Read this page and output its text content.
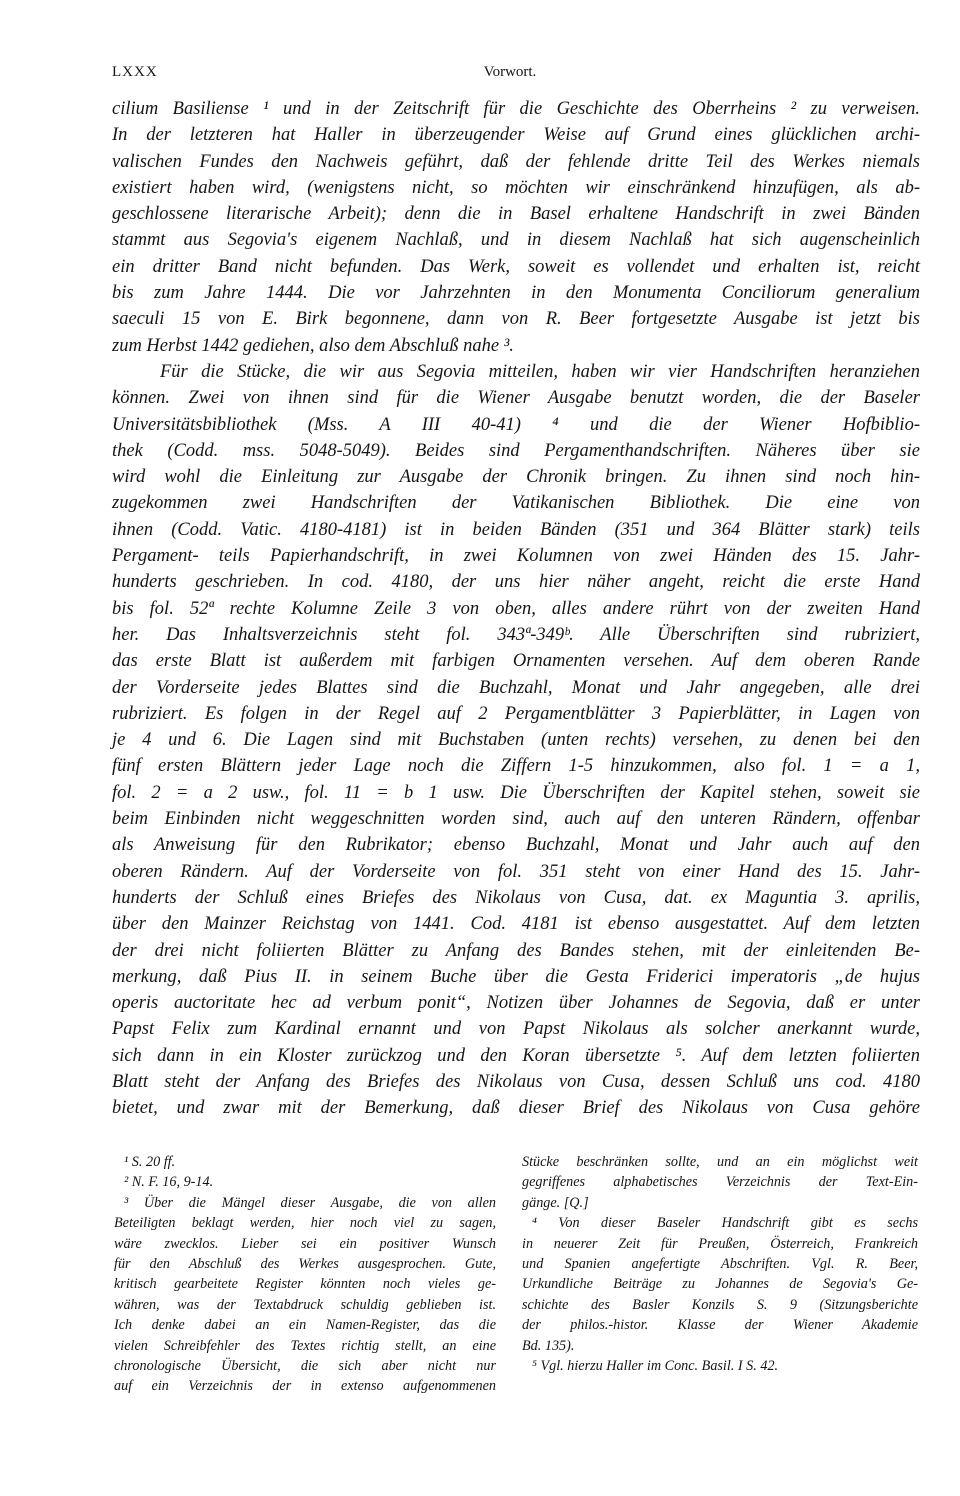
LXXX	Vorwort.
cilium Basiliense ¹ und in der Zeitschrift für die Geschichte des Oberrheins ² zu verweisen.
In der letzteren hat Haller in überzeugender Weise auf Grund eines glücklichen archi-
valischen Fundes den Nachweis geführt, daß der fehlende dritte Teil des Werkes niemals
existiert haben wird, (wenigstens nicht, so möchten wir einschränkend hinzufügen, als ab-
geschlossene literarische Arbeit); denn die in Basel erhaltene Handschrift in zwei Bänden
stammt aus Segovia's eigenem Nachlaß, und in diesem Nachlaß hat sich augenscheinlich
ein dritter Band nicht befunden. Das Werk, soweit es vollendet und erhalten ist, reicht
bis zum Jahre 1444. Die vor Jahrzehnten in den Monumenta Conciliorum generalium
saeculi 15 von E. Birk begonnene, dann von R. Beer fortgesetzte Ausgabe ist jetzt bis
zum Herbst 1442 gediehen, also dem Abschluß nahe ³.
Für die Stücke, die wir aus Segovia mitteilen, haben wir vier Handschriften heranziehen
können. Zwei von ihnen sind für die Wiener Ausgabe benutzt worden, die der Baseler
Universitätsbibliothek (Mss. A III 40-41) ⁴ und die der Wiener Hofbiblio-
thek (Codd. mss. 5048-5049). Beides sind Pergamenthandschriften. Näheres über sie
wird wohl die Einleitung zur Ausgabe der Chronik bringen. Zu ihnen sind noch hin-
zugekommen zwei Handschriften der Vatikanischen Bibliothek. Die eine von
ihnen (Codd. Vatic. 4180-4181) ist in beiden Bänden (351 und 364 Blätter stark) teils
Pergament- teils Papierhandschrift, in zwei Kolumnen von zwei Händen des 15. Jahr-
hunderts geschrieben. In cod. 4180, der uns hier näher angeht, reicht die erste Hand
bis fol. 52ª rechte Kolumne Zeile 3 von oben, alles andere rührt von der zweiten Hand
her. Das Inhaltsverzeichnis steht fol. 343ª-349ᵇ. Alle Überschriften sind rubriziert,
das erste Blatt ist außerdem mit farbigen Ornamenten versehen. Auf dem oberen Rande
der Vorderseite jedes Blattes sind die Buchzahl, Monat und Jahr angegeben, alle drei
rubriziert. Es folgen in der Regel auf 2 Pergamentblätter 3 Papierblätter, in Lagen von
je 4 und 6. Die Lagen sind mit Buchstaben (unten rechts) versehen, zu denen bei den
fünf ersten Blättern jeder Lage noch die Ziffern 1-5 hinzukommen, also fol. 1 = a 1,
fol. 2 = a 2 usw., fol. 11 = b 1 usw. Die Überschriften der Kapitel stehen, soweit sie
beim Einbinden nicht weggeschnitten worden sind, auch auf den unteren Rändern, offenbar
als Anweisung für den Rubrikator; ebenso Buchzahl, Monat und Jahr auch auf den
oberen Rändern. Auf der Vorderseite von fol. 351 steht von einer Hand des 15. Jahr-
hunderts der Schluß eines Briefes des Nikolaus von Cusa, dat. ex Maguntia 3. aprilis,
über den Mainzer Reichstag von 1441. Cod. 4181 ist ebenso ausgestattet. Auf dem letzten
der drei nicht foliierten Blätter zu Anfang des Bandes stehen, mit der einleitenden Be-
merkung, daß Pius II. in seinem Buche über die Gesta Friderici imperatoris „de hujus
operis auctoritate hec ad verbum ponit“, Notizen über Johannes de Segovia, daß er unter
Papst Felix zum Kardinal ernannt und von Papst Nikolaus als solcher anerkannt wurde,
sich dann in ein Kloster zurückzog und den Koran übersetzte ⁵. Auf dem letzten foliierten
Blatt steht der Anfang des Briefes des Nikolaus von Cusa, dessen Schluß uns cod. 4180
bietet, und zwar mit der Bemerkung, daß dieser Brief des Nikolaus von Cusa gehöre
¹ S. 20 ff.
² N. F. 16, 9-14.
³ Über die Mängel dieser Ausgabe, die von allen
Beteiligten beklagt werden, hier noch viel zu sagen,
wäre zwecklos. Lieber sei ein positiver Wunsch
für den Abschluß des Werkes ausgesprochen. Gute,
kritisch gearbeitete Register könnten noch vieles ge-
währen, was der Textabdruck schuldig geblieben ist.
Ich denke dabei an ein Namen-Register, das die
vielen Schreibfehler des Textes richtig stellt, an eine
chronologische Übersicht, die sich aber nicht nur
auf ein Verzeichnis der in extenso aufgenommenen
Stücke beschränken sollte, und an ein möglichst weit
gegriffenes alphabetisches Verzeichnis der Text-Ein-
gänge. [Q.]
⁴ Von dieser Baseler Handschrift gibt es sechs
in neuerer Zeit für Preußen, Österreich, Frankreich
und Spanien angefertigte Abschriften. Vgl. R. Beer,
Urkundliche Beiträge zu Johannes de Segovia's Ge-
schichte des Basler Konzils S. 9 (Sitzungsberichte
der philos.-histor. Klasse der Wiener Akademie
Bd. 135).
⁵ Vgl. hierzu Haller im Conc. Basil. I S. 42.
